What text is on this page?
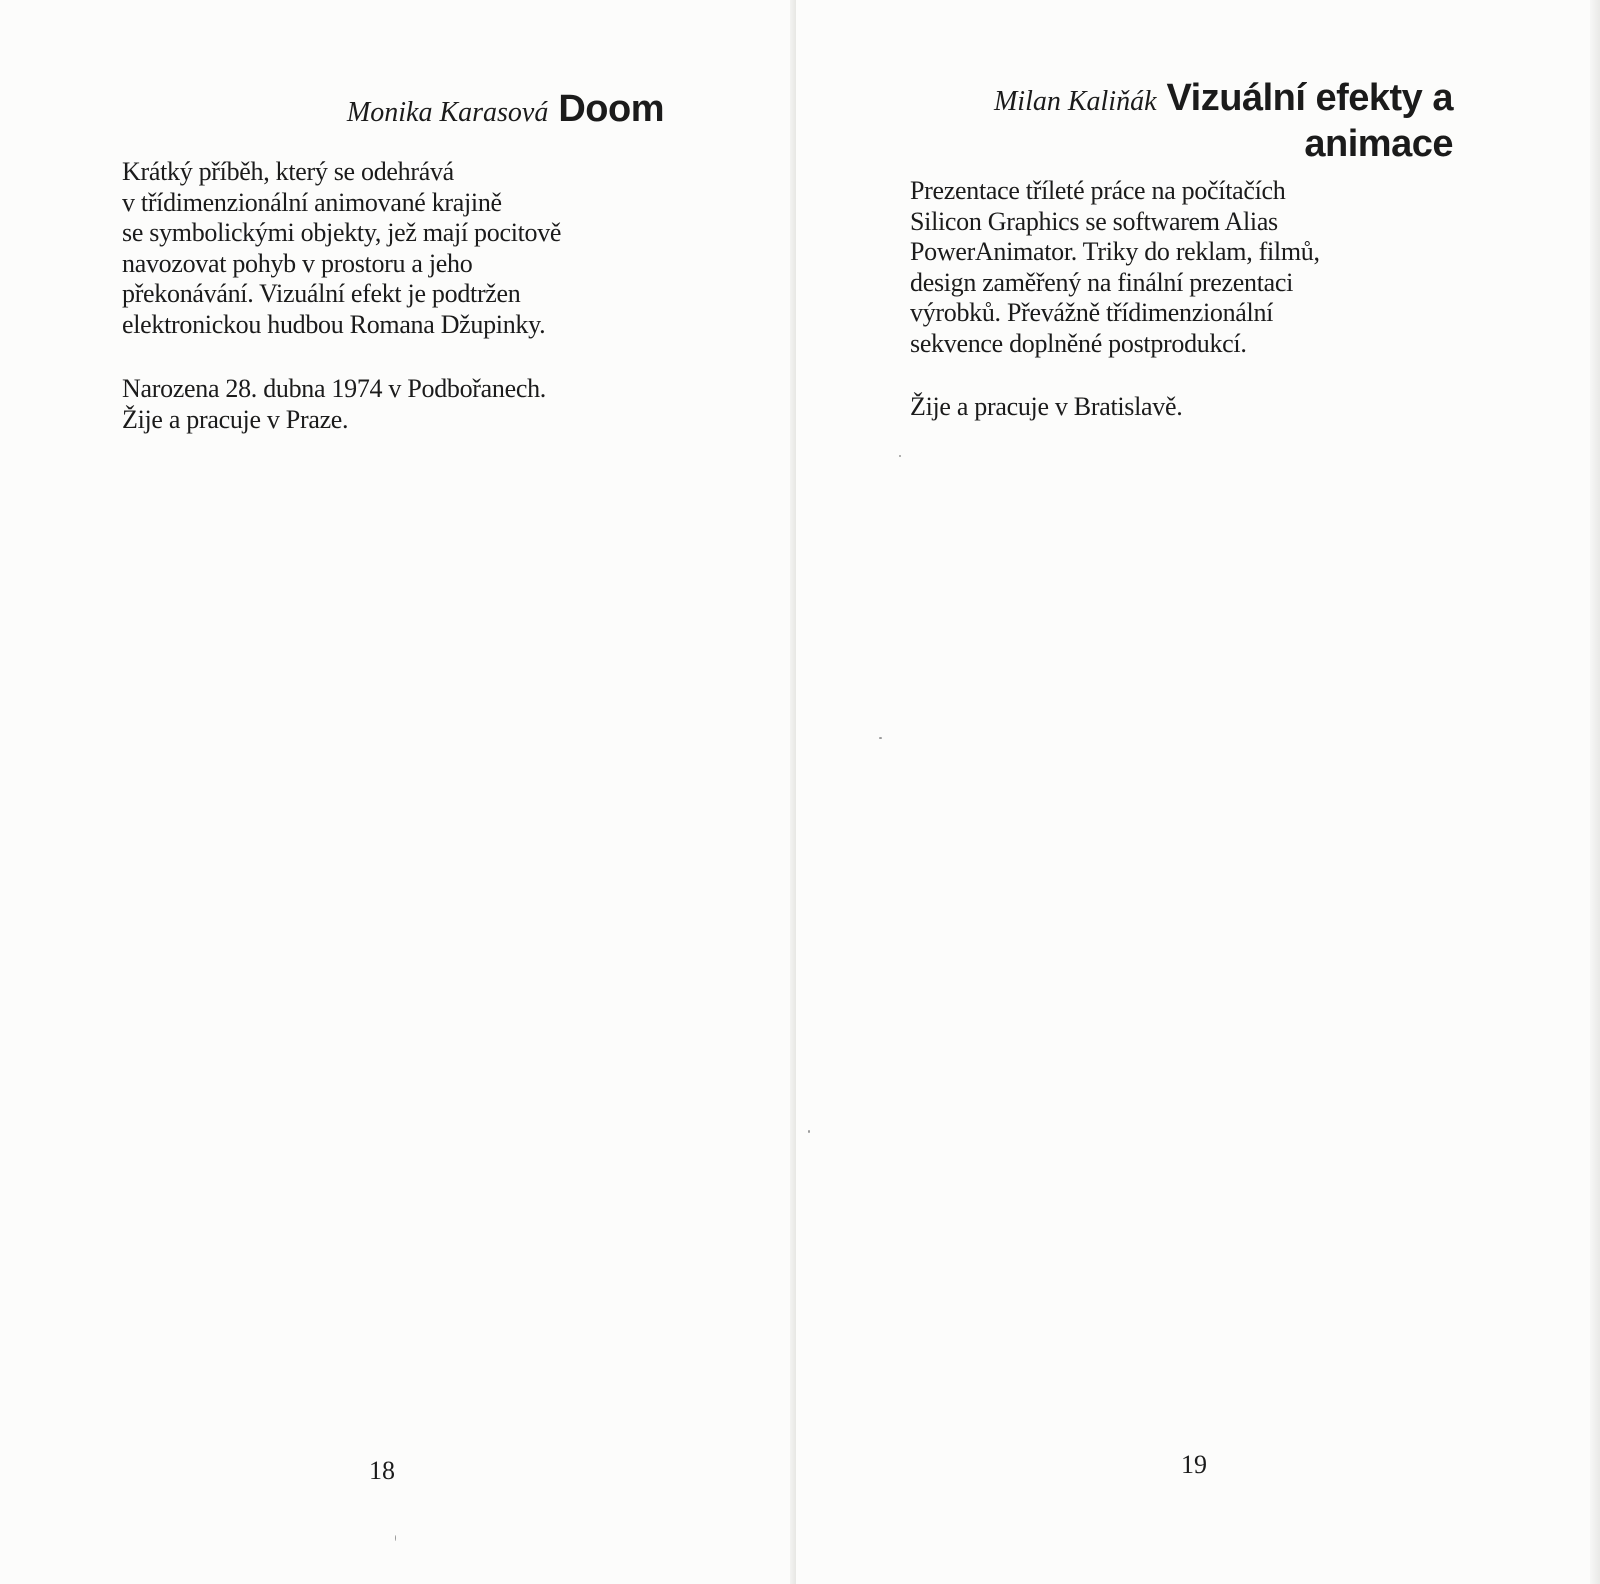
Monika Karasová Doom
Krátký příběh, který se odehrává
v třídimenzionální animované krajině
se symbolickými objekty, jež mají pocitově
navozovat pohyb v prostoru a jeho
překonávání. Vizuální efekt je podtržen
elektronickou hudbou Romana Džupinky.
Narozena 28. dubna 1974 v Podbořanech.
Žije a pracuje v Praze.
18
Milan Kaliňák Vizuální efekty a
animace
Prezentace tříleté práce na počítačích
Silicon Graphics se softwarem Alias
PowerAnimator. Triky do reklam, filmů,
design zaměřený na finální prezentaci
výrobků. Převážně třídimenzionální
sekvence doplněné postprodukcí.
Žije a pracuje v Bratislavě.
19
